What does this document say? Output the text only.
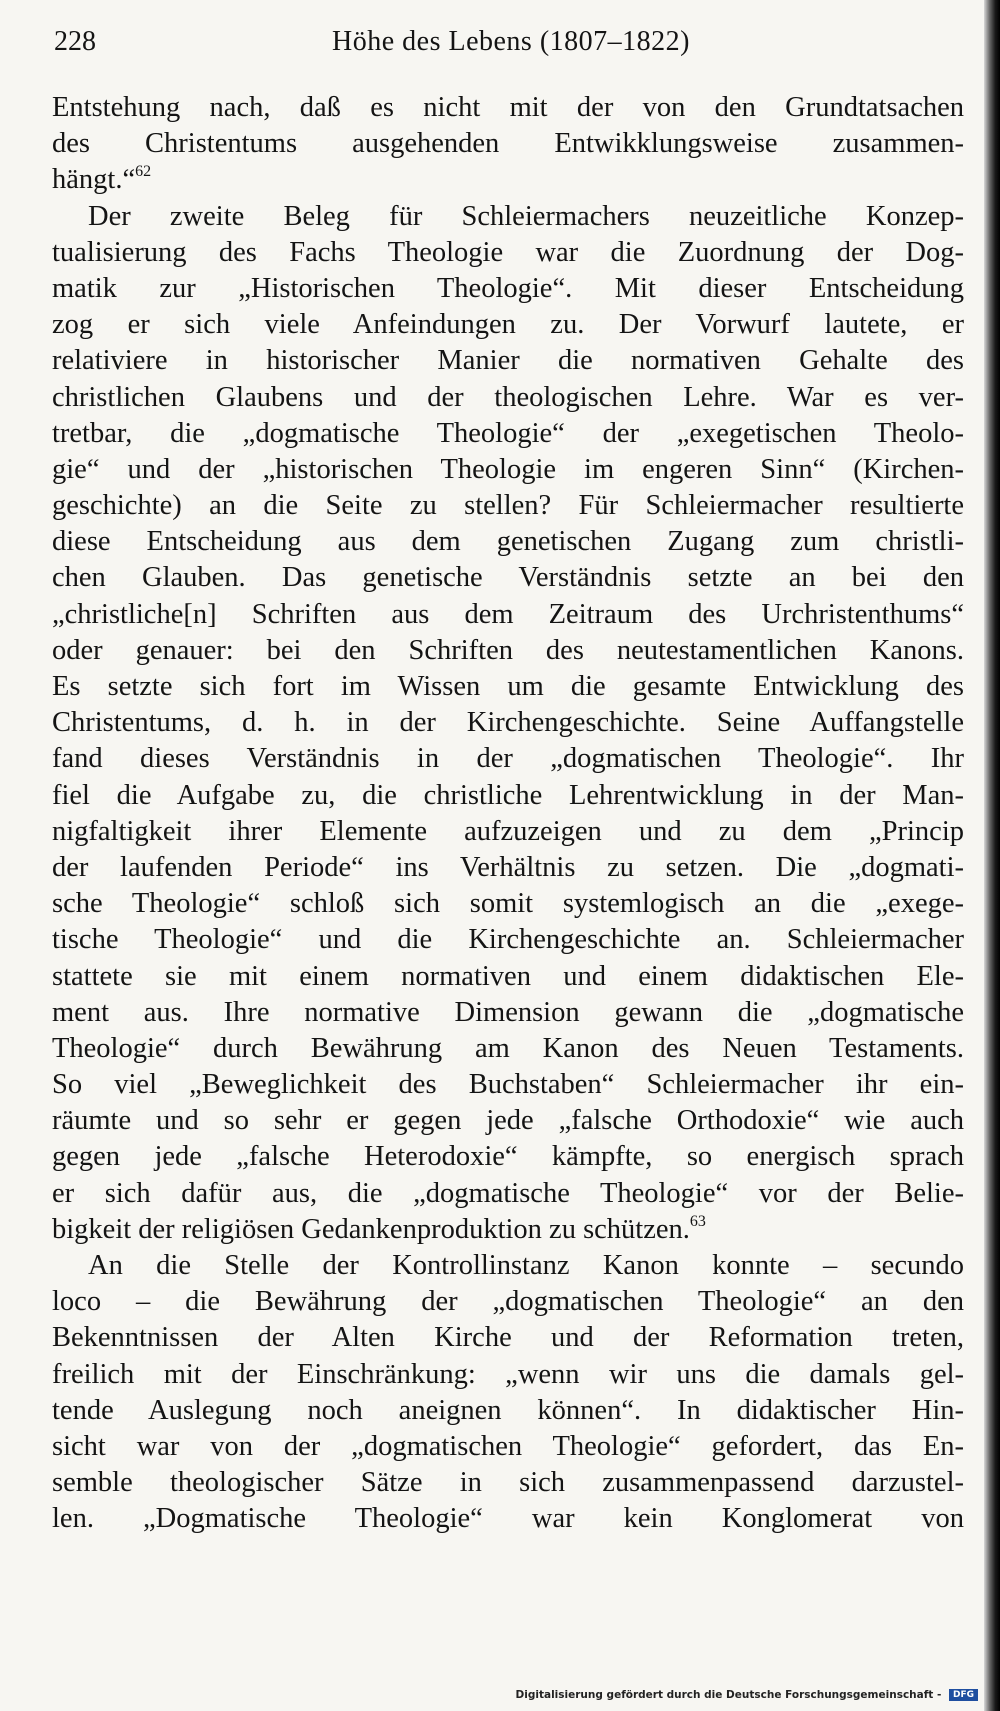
228	Höhe des Lebens (1807–1822)
Entstehung nach, daß es nicht mit der von den Grundtatsachen
des Christentums ausgehenden Entwikklungsweise zusammen-
hängt.“$^{62}$
Der zweite Beleg für Schleiermachers neuzeitliche Konzep-
tualisierung des Fachs Theologie war die Zuordnung der Dog-
matik zur „Historischen Theologie“. Mit dieser Entscheidung
zog er sich viele Anfeindungen zu. Der Vorwurf lautete, er
relativiere in historischer Manier die normativen Gehalte des
christlichen Glaubens und der theologischen Lehre. War es ver-
tretbar, die „dogmatische Theologie“ der „exegetischen Theolo-
gie“ und der „historischen Theologie im engeren Sinn“ (Kirchen-
geschichte) an die Seite zu stellen? Für Schleiermacher resultierte
diese Entscheidung aus dem genetischen Zugang zum christli-
chen Glauben. Das genetische Verständnis setzte an bei den
„christliche[n] Schriften aus dem Zeitraum des Urchristenthums“
oder genauer: bei den Schriften des neutestamentlichen Kanons.
Es setzte sich fort im Wissen um die gesamte Entwicklung des
Christentums, d. h. in der Kirchengeschichte. Seine Auffangstelle
fand dieses Verständnis in der „dogmatischen Theologie“. Ihr
fiel die Aufgabe zu, die christliche Lehrentwicklung in der Man-
nigfaltigkeit ihrer Elemente aufzuzeigen und zu dem „Princip
der laufenden Periode“ ins Verhältnis zu setzen. Die „dogmati-
sche Theologie“ schloß sich somit systemlogisch an die „exege-
tische Theologie“ und die Kirchengeschichte an. Schleiermacher
stattete sie mit einem normativen und einem didaktischen Ele-
ment aus. Ihre normative Dimension gewann die „dogmatische
Theologie“ durch Bewährung am Kanon des Neuen Testaments.
So viel „Beweglichkeit des Buchstaben“ Schleiermacher ihr ein-
räumte und so sehr er gegen jede „falsche Orthodoxie“ wie auch
gegen jede „falsche Heterodoxie“ kämpfte, so energisch sprach
er sich dafür aus, die „dogmatische Theologie“ vor der Belie-
bigkeit der religiösen Gedankenproduktion zu schützen.$^{63}$
An die Stelle der Kontrollinstanz Kanon konnte – secundo
loco – die Bewährung der „dogmatischen Theologie“ an den
Bekenntnissen der Alten Kirche und der Reformation treten,
freilich mit der Einschränkung: „wenn wir uns die damals gel-
tende Auslegung noch aneignen können“. In didaktischer Hin-
sicht war von der „dogmatischen Theologie“ gefordert, das En-
semble theologischer Sätze in sich zusammenpassend darzustel-
len. „Dogmatische Theologie“ war kein Konglomerat von
Digitalisierung gefördert durch die Deutsche Forschungsgemeinschaft - DFG
